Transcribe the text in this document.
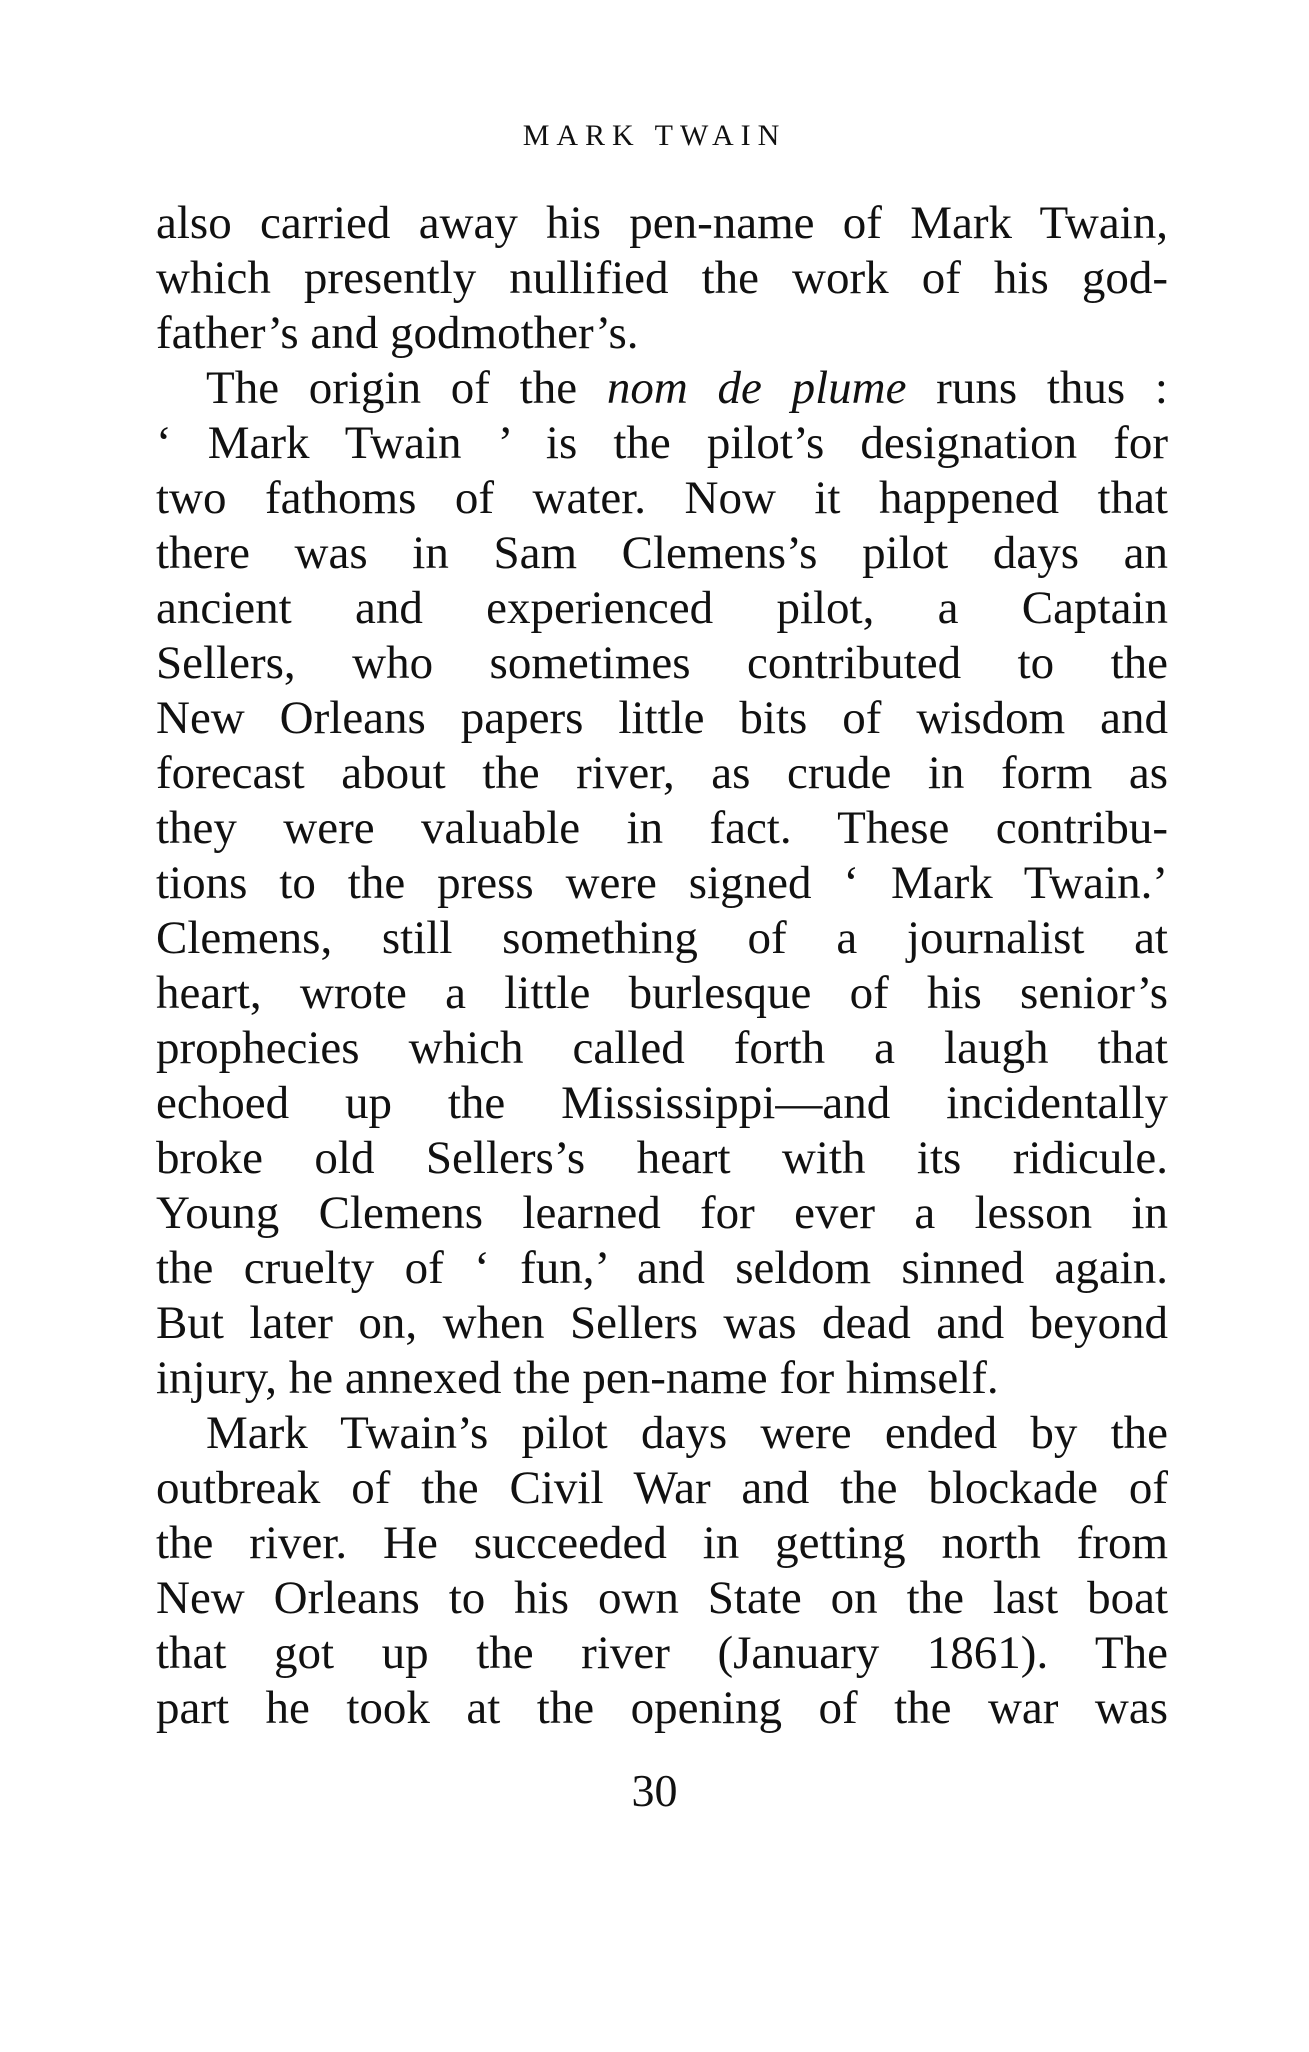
MARK TWAIN
also carried away his pen-name of Mark Twain,
which presently nullified the work of his god-
father’s and godmother’s.
The origin of the nom de plume runs thus :
‘ Mark Twain ’ is the pilot’s designation for
two fathoms of water. Now it happened that
there was in Sam Clemens’s pilot days an
ancient and experienced pilot, a Captain
Sellers, who sometimes contributed to the
New Orleans papers little bits of wisdom and
forecast about the river, as crude in form as
they were valuable in fact. These contribu-
tions to the press were signed ‘ Mark Twain.’
Clemens, still something of a journalist at
heart, wrote a little burlesque of his senior’s
prophecies which called forth a laugh that
echoed up the Mississippi—and incidentally
broke old Sellers’s heart with its ridicule.
Young Clemens learned for ever a lesson in
the cruelty of ‘ fun,’ and seldom sinned again.
But later on, when Sellers was dead and beyond
injury, he annexed the pen-name for himself.
Mark Twain’s pilot days were ended by the
outbreak of the Civil War and the blockade of
the river. He succeeded in getting north from
New Orleans to his own State on the last boat
that got up the river (January 1861). The
part he took at the opening of the war was
30
